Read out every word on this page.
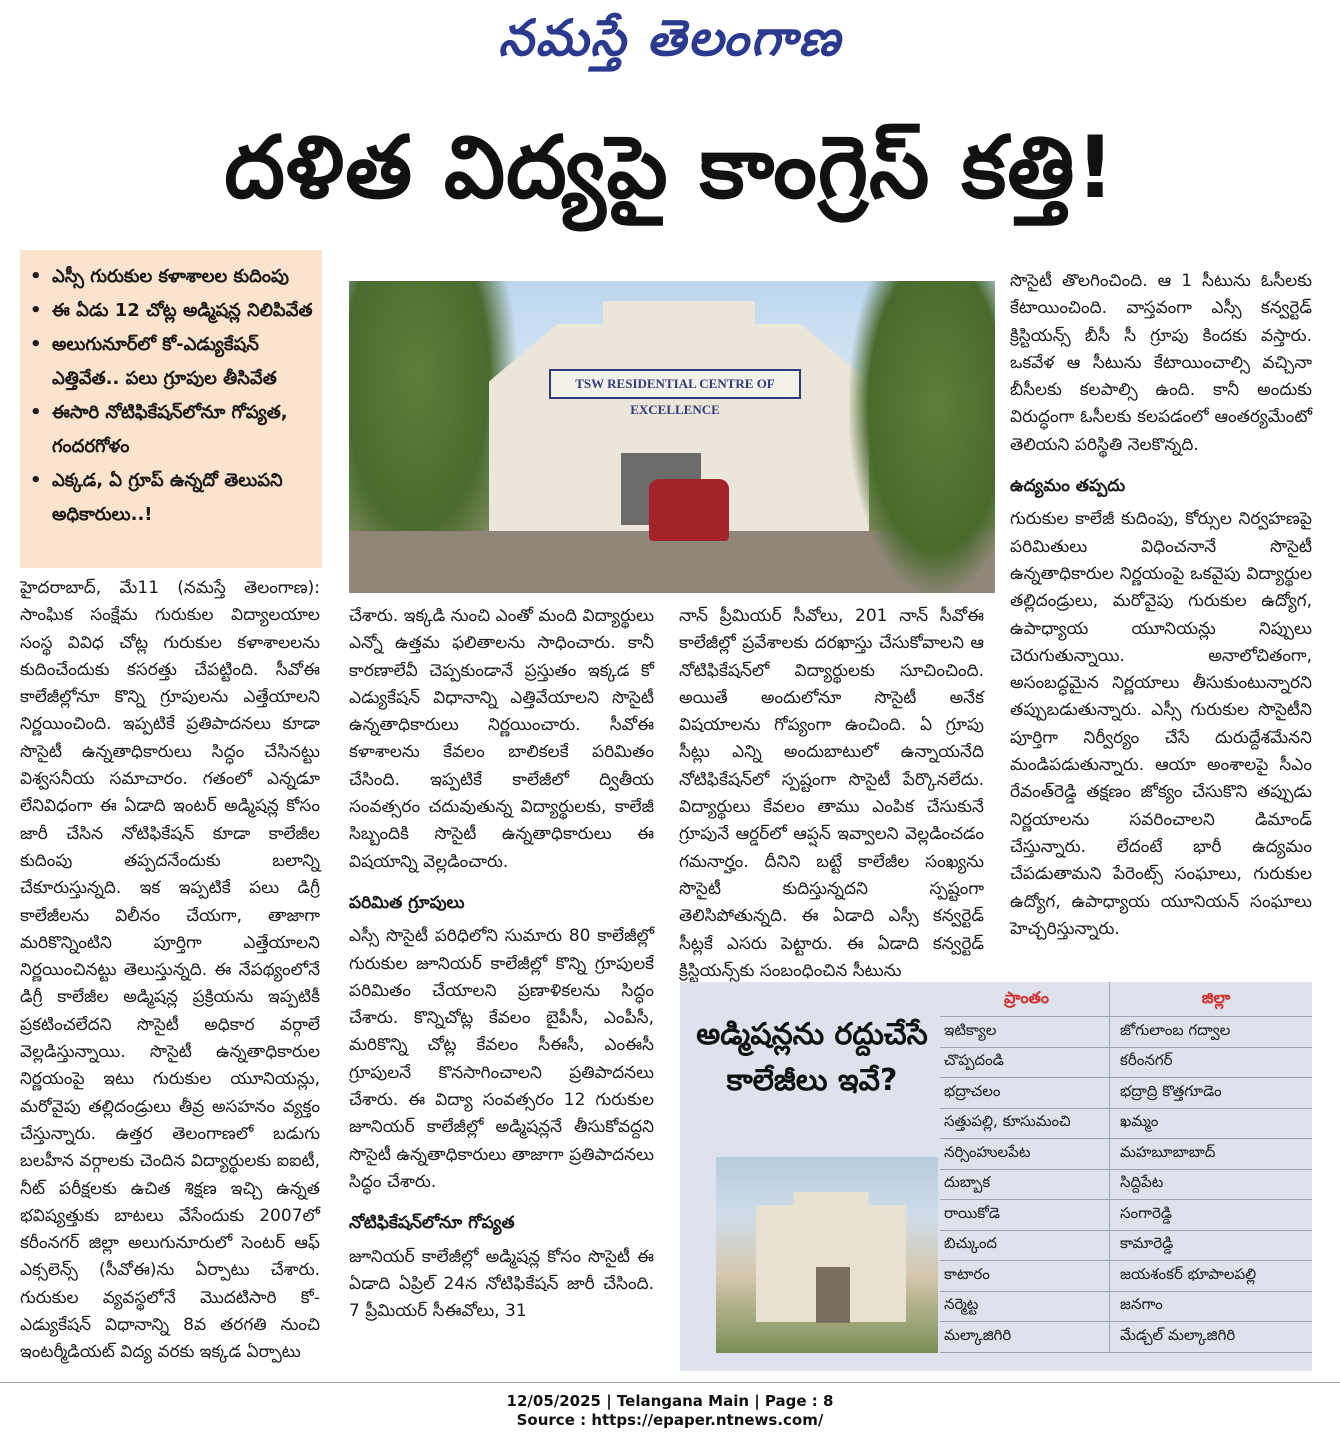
నమస్తే తెలంగాణ
దళిత విద్యపై కాంగ్రెస్ కత్తి!
• ఎస్సీ గురుకుల కళాశాలల కుదింపు
• ఈ ఏడు 12 చోట్ల అడ్మిషన్ల నిలిపివేత
• అలుగునూర్‌లో కో-ఎడ్యుకేషన్ ఎత్తివేత.. పలు గ్రూపుల తీసివేత
• ఈసారి నోటిఫికేషన్‌లోనూ గోప్యత, గందరగోళం
• ఎక్కడ, ఏ గ్రూప్ ఉన్నదో తెలుపని అధికారులు..!
TSW RESIDENTIAL CENTRE OF EXCELLENCE

హైదరాబాద్, మే11 (నమస్తే తెలంగాణ): సాంఘిక సంక్షేమ గురుకుల విద్యాలయాల సంస్థ వివిధ చోట్ల గురుకుల కళాశాలలను కుదించేందుకు కసరత్తు చేపట్టింది. సీవోఈ కాలేజీల్లోనూ కొన్ని గ్రూపులను ఎత్తేయాలని నిర్ణయించింది. ఇప్పటికే ప్రతిపాదనలు కూడా సొసైటీ ఉన్నతాధికారులు సిద్ధం చేసినట్టు విశ్వసనీయ సమాచారం. గతంలో ఎన్నడూ లేనివిధంగా ఈ ఏడాది ఇంటర్ అడ్మిషన్ల కోసం జారీ చేసిన నోటిఫికేషన్ కూడా కాలేజీల కుదింపు తప్పదనేందుకు బలాన్ని చేకూరుస్తున్నది. ఇక ఇప్పటికే పలు డిగ్రీ కాలేజీలను విలీనం చేయగా, తాజాగా మరికొన్నింటిని పూర్తిగా ఎత్తేయాలని నిర్ణయించినట్టు తెలుస్తున్నది. ఈ నేపథ్యంలోనే డిగ్రీ కాలేజీల అడ్మిషన్ల ప్రక్రియను ఇప్పటికీ ప్రకటించలేదని సొసైటీ అధికార వర్గాలే వెల్లడిస్తున్నాయి. సొసైటీ ఉన్నతాధికారుల నిర్ణయంపై ఇటు గురుకుల యూనియన్లు, మరోవైపు తల్లిదండ్రులు తీవ్ర అసహనం వ్యక్తం చేస్తున్నారు. ఉత్తర తెలంగాణలో బడుగు బలహీన వర్గాలకు చెందిన విద్యార్థులకు ఐఐటీ, నీట్ పరీక్షలకు ఉచిత శిక్షణ ఇచ్చి ఉన్నత భవిష్యత్తుకు బాటలు వేసేందుకు 2007లో కరీంనగర్ జిల్లా అలుగునూరులో సెంటర్ ఆఫ్ ఎక్సలెన్స్ (సీవోఈ)ను ఏర్పాటు చేశారు. గురుకుల వ్యవస్థలోనే మొదటిసారి కో-ఎడ్యుకేషన్ విధానాన్ని 8వ తరగతి నుంచి ఇంటర్మీడియట్ విద్య వరకు ఇక్కడ ఏర్పాటు

చేశారు. ఇక్కడి నుంచి ఎంతో మంది విద్యార్థులు ఎన్నో ఉత్తమ ఫలితాలను సాధించారు. కానీ కారణాలేవీ చెప్పకుండానే ప్రస్తుతం ఇక్కడ కో ఎడ్యుకేషన్ విధానాన్ని ఎత్తివేయాలని సొసైటీ ఉన్నతాధికారులు నిర్ణయించారు. సీవోఈ కళాశాలను కేవలం బాలికలకే పరిమితం చేసింది. ఇప్పటికే కాలేజీలో ద్వితీయ సంవత్సరం చదువుతున్న విద్యార్థులకు, కాలేజీ సిబ్బందికి సొసైటీ ఉన్నతాధికారులు ఈ విషయాన్ని వెల్లడించారు.

పరిమిత గ్రూపులు

ఎస్సీ సొసైటీ పరిధిలోని సుమారు 80 కాలేజీల్లో గురుకుల జూనియర్ కాలేజీల్లో కొన్ని గ్రూపులకే పరిమితం చేయాలని ప్రణాళికలను సిద్ధం చేశారు. కొన్నిచోట్ల కేవలం బైపీసీ, ఎంపీసీ, మరికొన్ని చోట్ల కేవలం సీఈసీ, ఎంఈసీ గ్రూపులనే కొనసాగించాలని ప్రతిపాదనలు చేశారు. ఈ విద్యా సంవత్సరం 12 గురుకుల జూనియర్ కాలేజీల్లో అడ్మిషన్లనే తీసుకోవద్దని సొసైటీ ఉన్నతాధికారులు తాజాగా ప్రతిపాదనలు సిద్ధం చేశారు.

నోటిఫికేషన్‌లోనూ గోప్యత

జూనియర్ కాలేజీల్లో అడ్మిషన్ల కోసం సొసైటీ ఈ ఏడాది ఏప్రిల్ 24న నోటిఫికేషన్ జారీ చేసింది. 7 ప్రీమియర్ సీఈవోలు, 31

నాన్ ప్రీమియర్ సీవోలు, 201 నాన్ సీవోఈ కాలేజీల్లో ప్రవేశాలకు దరఖాస్తు చేసుకోవాలని ఆ నోటిఫికేషన్‌లో విద్యార్థులకు సూచించింది. అయితే అందులోనూ సొసైటీ అనేక విషయాలను గోప్యంగా ఉంచింది. ఏ గ్రూపు సీట్లు ఎన్ని అందుబాటులో ఉన్నాయనేది నోటిఫికేషన్‌లో స్పష్టంగా సొసైటీ పేర్కొనలేదు. విద్యార్థులు కేవలం తాము ఎంపిక చేసుకునే గ్రూపునే ఆర్డర్‌లో ఆప్షన్ ఇవ్వాలని వెల్లడించడం గమనార్హం. దీనిని బట్టే కాలేజీల సంఖ్యను సొసైటీ కుదిస్తున్నదని స్పష్టంగా తెలిసిపోతున్నది. ఈ ఏడాది ఎస్సీ కన్వర్టెడ్ సీట్లకే ఎసరు పెట్టారు. ఈ ఏడాది కన్వర్టెడ్ క్రిస్టియన్స్‌కు సంబంధించిన సీటును

సొసైటీ తొలగించింది. ఆ 1 సీటును ఓసీలకు కేటాయించింది. వాస్తవంగా ఎస్సీ కన్వర్టెడ్ క్రిస్టియన్స్ బీసీ సీ గ్రూపు కిందకు వస్తారు. ఒకవేళ ఆ సీటును కేటాయించాల్సి వచ్చినా బీసీలకు కలపాల్సి ఉంది. కానీ అందుకు విరుద్ధంగా ఓసీలకు కలపడంలో ఆంతర్యమేంటో తెలియని పరిస్థితి నెలకొన్నది.

ఉద్యమం తప్పదు

గురుకుల కాలేజీ కుదింపు, కోర్సుల నిర్వహణపై పరిమితులు విధించనానే సొసైటీ ఉన్నతాధికారుల నిర్ణయంపై ఒకవైపు విద్యార్థుల తల్లిదండ్రులు, మరోవైపు గురుకుల ఉద్యోగ, ఉపాధ్యాయ యూనియన్లు నిప్పులు చెరుగుతున్నాయి. అనాలోచితంగా, అసంబద్ధమైన నిర్ణయాలు తీసుకుంటున్నారని తప్పుబడుతున్నారు. ఎస్సీ గురుకుల సొసైటీని పూర్తిగా నిర్వీర్యం చేసే దురుద్దేశమేనని మండిపడుతున్నారు. ఆయా అంశాలపై సీఎం రేవంత్‌రెడ్డి తక్షణం జోక్యం చేసుకొని తప్పుడు నిర్ణయాలను సవరించాలని డిమాండ్ చేస్తున్నారు. లేదంటే భారీ ఉద్యమం చేపడుతామని పేరెంట్స్ సంఘాలు, గురుకుల ఉద్యోగ, ఉపాధ్యాయ యూనియన్ సంఘాలు హెచ్చరిస్తున్నారు.

అడ్మిషన్లను రద్దుచేసే కాలేజీలు ఇవే?
ప్రాంతం	జిల్లా
ఇటిక్యాల	జోగులాంబ గద్వాల
చొప్పదండి	కరీంనగర్
భద్రాచలం	భద్రాద్రి కొత్తగూడెం
సత్తుపల్లి, కూసుమంచి	ఖమ్మం
నర్సింహులపేట	మహబూబాబాద్
దుబ్బాక	సిద్దిపేట
రాయికోడె	సంగారెడ్డి
బిచ్కుంద	కామారెడ్డి
కాటారం	జయశంకర్ భూపాలపల్లి
నర్మెట్ట	జనగాం
మల్కాజిగిరి	మేడ్చల్ మల్కాజిగిరి
12/05/2025 | Telangana Main | Page : 8
Source : https://epaper.ntnews.com/
